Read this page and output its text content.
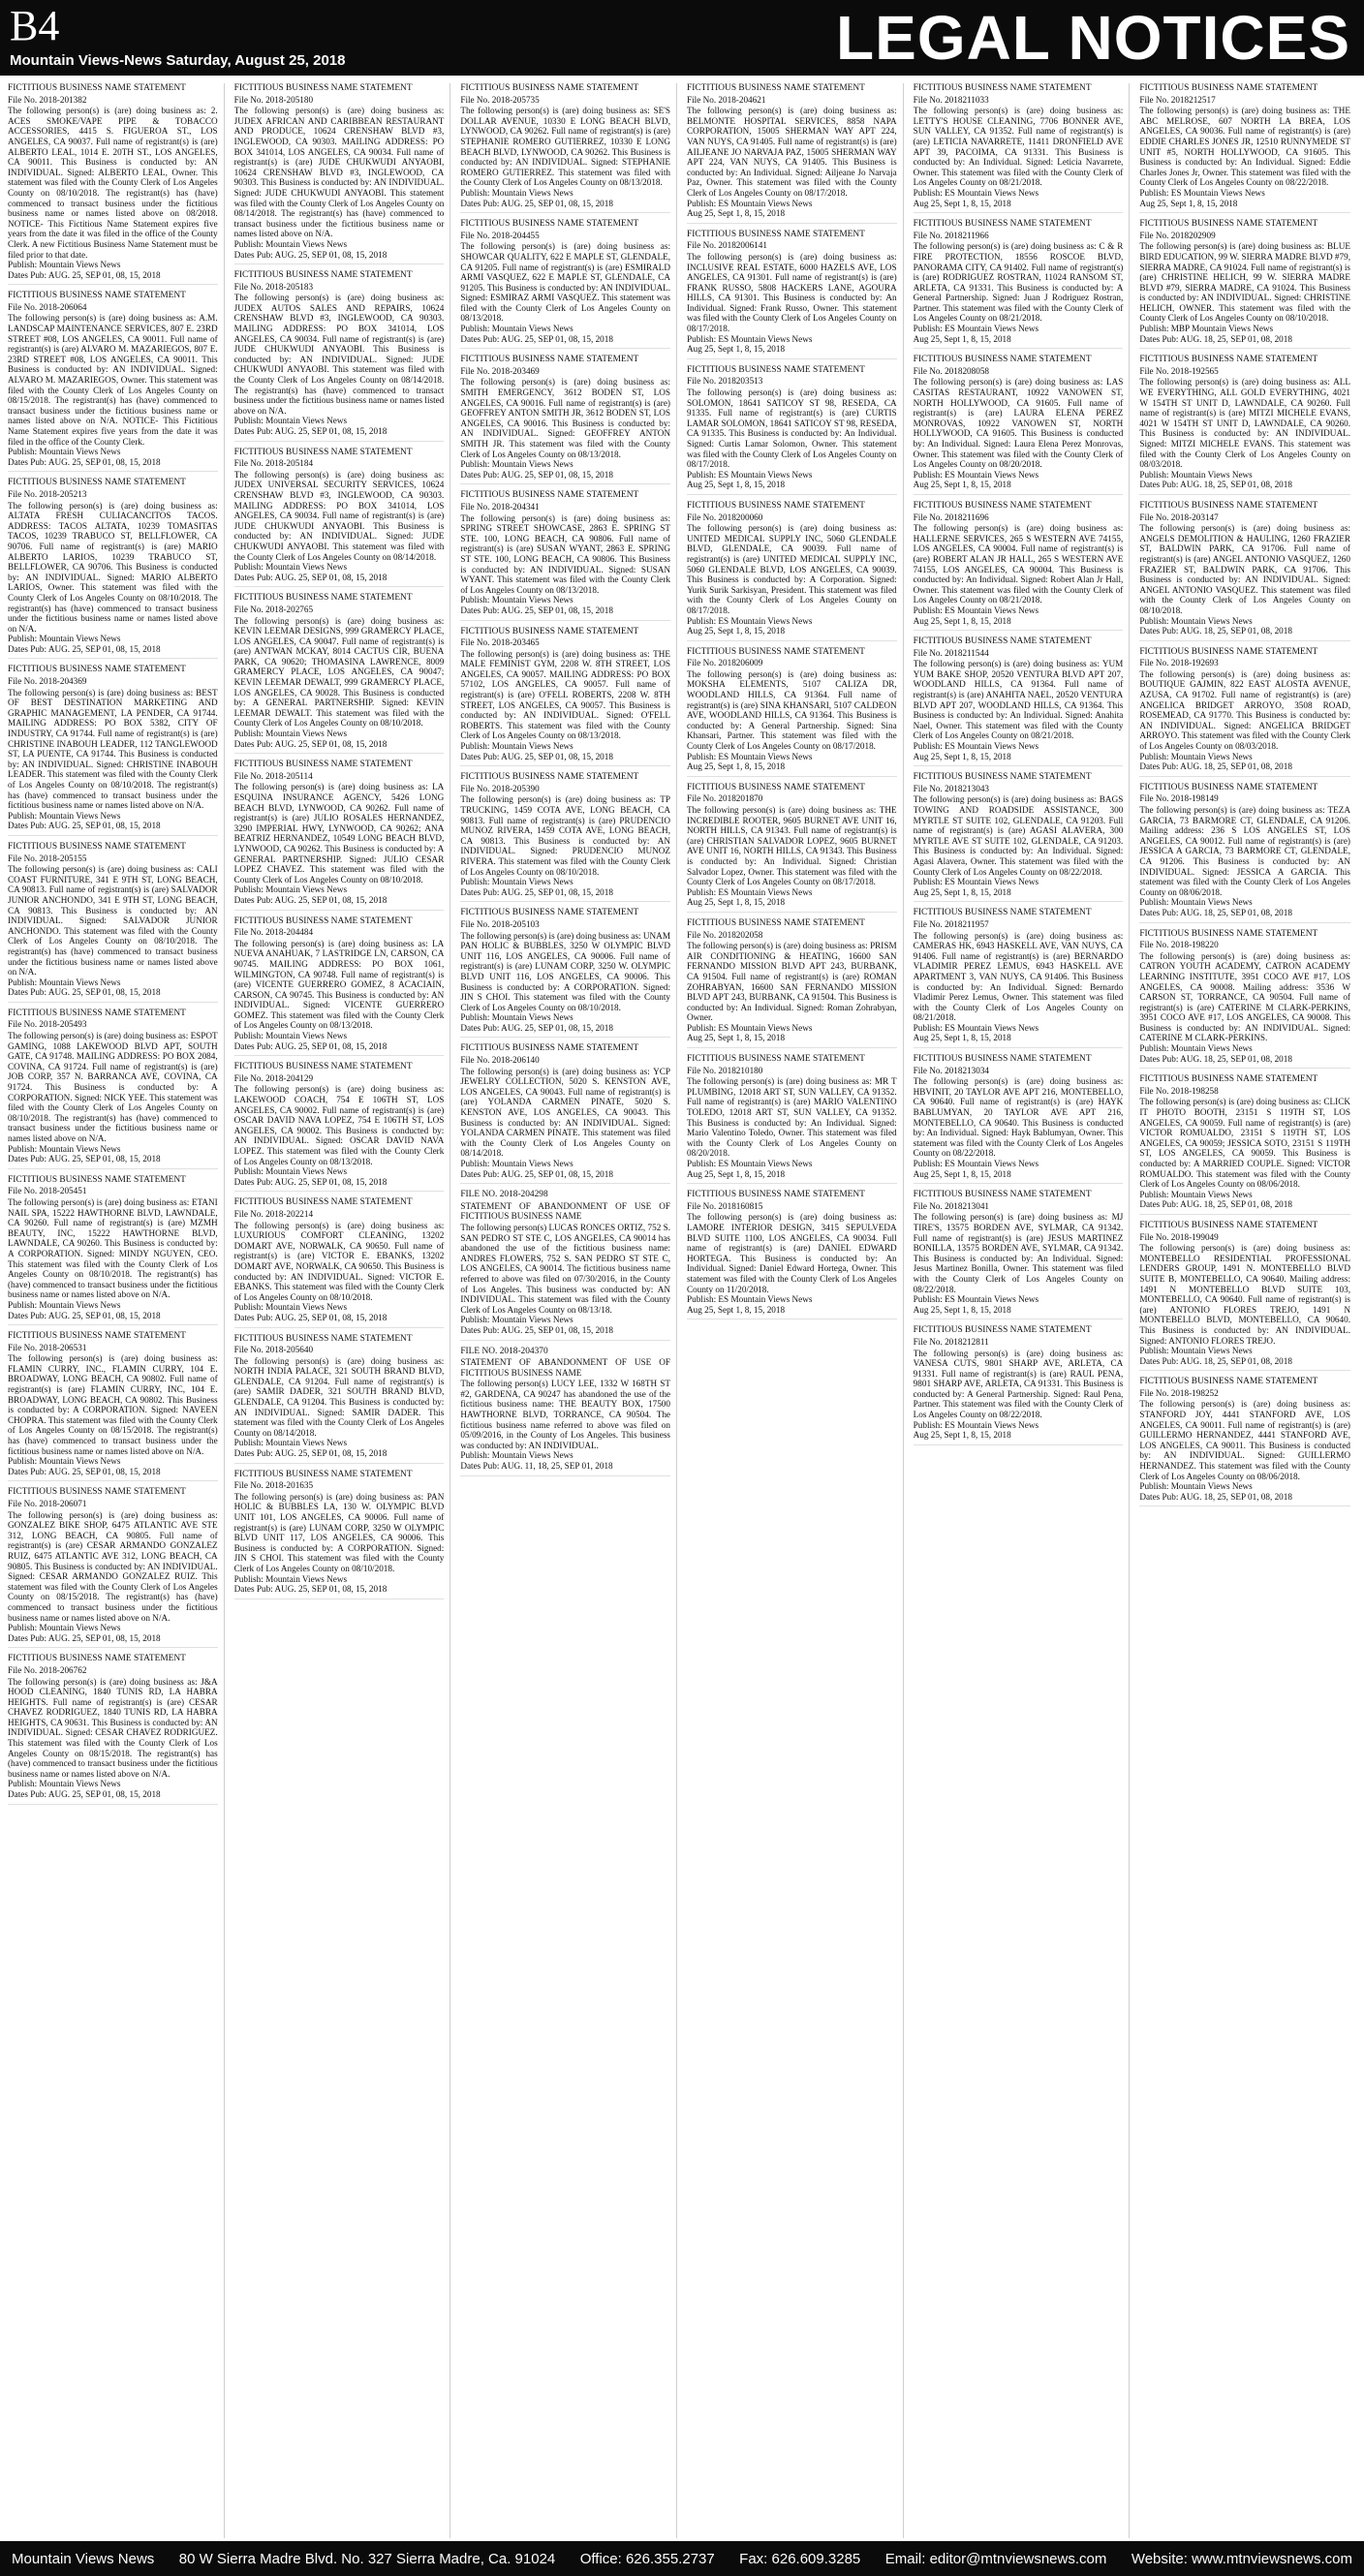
B4
Mountain Views-News Saturday, August 25, 2018	LEGAL NOTICES
FICTITIOUS BUSINESS NAME STATEMENT
File No. 2018-201382
The following person(s) is (are) doing business as: 2. ACES SMOKE/VAPE PIPE & TOBACCO ACCESSORIES, 4415 S. FIGUEROA ST., LOS ANGELES, CA 90037. Full name of registrant(s) is (are) ALBERTO LEAL, 1014 E. 20TH ST., LOS ANGELES, CA 90011. This Business is conducted by: AN INDIVIDUAL. Signed: ALBERTO LEAL, Owner. This statement was filed with the County Clerk of Los Angeles County on 08/10/2018. The registrant(s) has (have) commenced to transact business under the fictitious business name or names listed above on 08/2018. NOTICE- This Fictitious Name Statement expires five years from the date it was filed in the office of the County Clerk. A new Fictitious Business Name Statement must be filed prior to that date.
Publish: Mountain Views News
Dates Pub: AUG. 25, SEP 01, 08, 15, 2018
FICTITIOUS BUSINESS NAME STATEMENT
File No. 2018-206064
The following person(s) is (are) doing business as: A.M. LANDSCAP MAINTENANCE SERVICES, 807 E. 23RD STREET #08, LOS ANGELES, CA 90011. Full name of registrant(s) is (are) ALVARO M. MAZARIEGOS, 807 E. 23RD STREET #08, LOS ANGELES, CA 90011. This Business is conducted by: AN INDIVIDUAL. Signed: ALVARO M. MAZARIEGOS, Owner. This statement was filed with the County Clerk of Los Angeles County on 08/15/2018. The registrant(s) has (have) commenced to transact business under the fictitious business name or names listed above on N/A. NOTICE- This Fictitious Name Statement expires five years from the date it was filed in the office of the County Clerk.
Publish: Mountain Views News
Dates Pub: AUG. 25, SEP 01, 08, 15, 2018
FICTITIOUS BUSINESS NAME STATEMENT
File No. 2018-205213
The following person(s) is (are) doing business as: ALTATA FRESH CULIACANCITOS TACOS. ADDRESS: TACOS ALTATA, 10239 TOMASITAS TACOS, 10239 TRABUCO ST, BELLFLOWER, CA 90706. Full name of registrant(s) is (are) MARIO ALBERTO LARIOS, 10239 TRABUCO ST, BELLFLOWER, CA 90706. This Business is conducted by: AN INDIVIDUAL. Signed: MARIO ALBERTO LARIOS, Owner. This statement was filed with the County Clerk of Los Angeles County on 08/10/2018. The registrant(s) has (have) commenced to transact business under the fictitious business name or names listed above on N/A.
Publish: Mountain Views News
Dates Pub: AUG. 25, SEP 01, 08, 15, 2018
FICTITIOUS BUSINESS NAME STATEMENT
File No. 2018-204369
The following person(s) is (are) doing business as: BEST OF BEST DESTINATION MARKETING AND GRAPHIC MANAGEMENT, LA PENDER, CA 91744. MAILING ADDRESS: PO BOX 5382, CITY OF INDUSTRY, CA 91744. Full name of registrant(s) is (are) CHRISTINE INABOUH LEADER, 112 TANGLEWOOD ST, LA PUENTE, CA 91744. This Business is conducted by: AN INDIVIDUAL. Signed: CHRISTINE INABOUH LEADER. This statement was filed with the County Clerk of Los Angeles County on 08/10/2018. The registrant(s) has (have) commenced to transact business under the fictitious business name or names listed above on N/A.
Publish: Mountain Views News
Dates Pub: AUG. 25, SEP 01, 08, 15, 2018
FICTITIOUS BUSINESS NAME STATEMENT
File No. 2018-205155
The following person(s) is (are) doing business as: CALI COAST FURNITURE, 341 E 9TH ST, LONG BEACH, CA 90813. Full name of registrant(s) is (are) SALVADOR JUNIOR ANCHONDO, 341 E 9TH ST, LONG BEACH, CA 90813. This Business is conducted by: AN INDIVIDUAL. Signed: SALVADOR JUNIOR ANCHONDO. This statement was filed with the County Clerk of Los Angeles County on 08/10/2018. The registrant(s) has (have) commenced to transact business under the fictitious business name or names listed above on N/A.
Publish: Mountain Views News
Dates Pub: AUG. 25, SEP 01, 08, 15, 2018
FICTITIOUS BUSINESS NAME STATEMENT
File No. 2018-205493
The following person(s) is (are) doing business as: ESPOT GAMING, 1088 LAKEWOOD BLVD APT, SOUTH GATE, CA 91748. MAILING ADDRESS: PO BOX 2084, COVINA, CA 91724. Full name of registrant(s) is (are) JOB CORP, 357 N. BARRANCA AVE, COVINA, CA 91724. This Business is conducted by: A CORPORATION. Signed: NICK YEE. This statement was filed with the County Clerk of Los Angeles County on 08/10/2018. The registrant(s) has (have) commenced to transact business under the fictitious business name or names listed above on N/A.
Publish: Mountain Views News
Dates Pub: AUG. 25, SEP 01, 08, 15, 2018
FICTITIOUS BUSINESS NAME STATEMENT
File No. 2018-205451
The following person(s) is (are) doing business as: ETANI NAIL SPA, 15222 HAWTHORNE BLVD, LAWNDALE, CA 90260. Full name of registrant(s) is (are) MZMH BEAUTY, INC, 15222 HAWTHORNE BLVD, LAWNDALE, CA 90260. This Business is conducted by: A CORPORATION. Signed: MINDY NGUYEN, CEO. This statement was filed with the County Clerk of Los Angeles County on 08/10/2018. The registrant(s) has (have) commenced to transact business under the fictitious business name or names listed above on N/A.
Publish: Mountain Views News
Dates Pub: AUG. 25, SEP 01, 08, 15, 2018
FICTITIOUS BUSINESS NAME STATEMENT
File No. 2018-206531
The following person(s) is (are) doing business as: FLAMIN CURRY, INC., FLAMIN CURRY, 104 E. BROADWAY, LONG BEACH, CA 90802. Full name of registrant(s) is (are) FLAMIN CURRY, INC, 104 E. BROADWAY, LONG BEACH, CA 90802. This Business is conducted by: A CORPORATION. Signed: NAVEEN CHOPRA. This statement was filed with the County Clerk of Los Angeles County on 08/15/2018. The registrant(s) has (have) commenced to transact business under the fictitious business name or names listed above on N/A.
Publish: Mountain Views News
Dates Pub: AUG. 25, SEP 01, 08, 15, 2018
FICTITIOUS BUSINESS NAME STATEMENT
File No. 2018-206071
The following person(s) is (are) doing business as: GONZALEZ BIKE SHOP, 6475 ATLANTIC AVE STE 312, LONG BEACH, CA 90805. Full name of registrant(s) is (are) CESAR ARMANDO GONZALEZ RUIZ, 6475 ATLANTIC AVE 312, LONG BEACH, CA 90805. This Business is conducted by: AN INDIVIDUAL. Signed: CESAR ARMANDO GONZALEZ RUIZ. This statement was filed with the County Clerk of Los Angeles County on 08/15/2018. The registrant(s) has (have) commenced to transact business under the fictitious business name or names listed above on N/A.
Publish: Mountain Views News
Dates Pub: AUG. 25, SEP 01, 08, 15, 2018
FICTITIOUS BUSINESS NAME STATEMENT
File No. 2018-206762
The following person(s) is (are) doing business as: J&A HOOD CLEANING, 1840 TUNIS RD, LA HABRA HEIGHTS. Full name of registrant(s) is (are) CESAR CHAVEZ RODRIGUEZ, 1840 TUNIS RD, LA HABRA HEIGHTS, CA 90631. This Business is conducted by: AN INDIVIDUAL. Signed: CESAR CHAVEZ RODRIGUEZ. This statement was filed with the County Clerk of Los Angeles County on 08/15/2018. The registrant(s) has (have) commenced to transact business under the fictitious business name or names listed above on N/A.
Publish: Mountain Views News
Dates Pub: AUG. 25, SEP 01, 08, 15, 2018
FICTITIOUS BUSINESS NAME STATEMENT
File No. 2018-205180
The following person(s) is (are) doing business as: JUDEX AFRICAN AND CARIBBEAN RESTAURANT AND PRODUCE, 10624 CRENSHAW BLVD #3, INGLEWOOD, CA 90303. MAILING ADDRESS: PO BOX 341014, LOS ANGELES, CA 90034. Full name of registrant(s) is (are) JUDE CHUKWUDI ANYAOBI, 10624 CRENSHAW BLVD #3, INGLEWOOD, CA 90303. This Business is conducted by: AN INDIVIDUAL. Signed: JUDE CHUKWUDI ANYAOBI. This statement was filed with the County Clerk of Los Angeles County on 08/14/2018. The registrant(s) has (have) commenced to transact business under the fictitious business name or names listed above on N/A.
Publish: Mountain Views News
Dates Pub: AUG. 25, SEP 01, 08, 15, 2018
FICTITIOUS BUSINESS NAME STATEMENT
File No. 2018-205183
The following person(s) is (are) doing business as: JUDEX AUTOS SALES AND REPAIRS, 10624 CRENSHAW BLVD #3, INGLEWOOD, CA 90303. MAILING ADDRESS: PO BOX 341014, LOS ANGELES, CA 90034. Full name of registrant(s) is (are) JUDE CHUKWUDI ANYAOBI. This Business is conducted by: AN INDIVIDUAL. Signed: JUDE CHUKWUDI ANYAOBI. This statement was filed with the County Clerk of Los Angeles County on 08/14/2018. The registrant(s) has (have) commenced to transact business under the fictitious business name or names listed above on N/A.
Publish: Mountain Views News
Dates Pub: AUG. 25, SEP 01, 08, 15, 2018
FICTITIOUS BUSINESS NAME STATEMENT
File No. 2018-205184
The following person(s) is (are) doing business as: JUDEX UNIVERSAL SECURITY SERVICES, 10624 CRENSHAW BLVD #3, INGLEWOOD, CA 90303. MAILING ADDRESS: PO BOX 341014, LOS ANGELES, CA 90034. Full name of registrant(s) is (are) JUDE CHUKWUDI ANYAOBI. This Business is conducted by: AN INDIVIDUAL. Signed: JUDE CHUKWUDI ANYAOBI. This statement was filed with the County Clerk of Los Angeles County on 08/14/2018.
Publish: Mountain Views News
Dates Pub: AUG. 25, SEP 01, 08, 15, 2018
FICTITIOUS BUSINESS NAME STATEMENT
File No. 2018-202765
The following person(s) is (are) doing business as: KEVIN LEEMAR DESIGNS, 999 GRAMERCY PLACE, LOS ANGELES, CA 90047. Full name of registrant(s) is (are) ANTWAN MCKAY, 8014 CACTUS CIR, BUENA PARK, CA 90620; THOMASINA LAWRENCE, 8009 GRAMERCY PLACE, LOS ANGELES, CA 90047; KEVIN LEEMAR DEWALT, 999 GRAMERCY PLACE, LOS ANGELES, CA 90028. This Business is conducted by: A GENERAL PARTNERSHIP. Signed: KEVIN LEEMAR DEWALT. This statement was filed with the County Clerk of Los Angeles County on 08/10/2018.
Publish: Mountain Views News
Dates Pub: AUG. 25, SEP 01, 08, 15, 2018
FICTITIOUS BUSINESS NAME STATEMENT
File No. 2018-205114
The following person(s) is (are) doing business as: LA ESQUINA INSURANCE AGENCY, 5426 LONG BEACH BLVD, LYNWOOD, CA 90262. Full name of registrant(s) is (are) JULIO ROSALES HERNANDEZ, 3290 IMPERIAL HWY, LYNWOOD, CA 90262; ANA BEATRIZ HERNANDEZ, 10549 LONG BEACH BLVD, LYNWOOD, CA 90262. This Business is conducted by: A GENERAL PARTNERSHIP. Signed: JULIO CESAR LOPEZ CHAVEZ. This statement was filed with the County Clerk of Los Angeles County on 08/10/2018.
Publish: Mountain Views News
Dates Pub: AUG. 25, SEP 01, 08, 15, 2018
FICTITIOUS BUSINESS NAME STATEMENT
File No. 2018-204484
The following person(s) is (are) doing business as: LA NUEVA ANAHUAK, 7 LASTRIDGE LN, CARSON, CA 90745. MAILING ADDRESS: PO BOX 1061, WILMINGTON, CA 90748. Full name of registrant(s) is (are) VICENTE GUERRERO GOMEZ, 8 ACACIAIN, CARSON, CA 90745. This Business is conducted by: AN INDIVIDUAL. Signed: VICENTE GUERRERO GOMEZ. This statement was filed with the County Clerk of Los Angeles County on 08/13/2018.
Publish: Mountain Views News
Dates Pub: AUG. 25, SEP 01, 08, 15, 2018
FICTITIOUS BUSINESS NAME STATEMENT
File No. 2018-204129
The following person(s) is (are) doing business as: LAKEWOOD COACH, 754 E 106TH ST, LOS ANGELES, CA 90002. Full name of registrant(s) is (are) OSCAR DAVID NAVA LOPEZ, 754 E 106TH ST, LOS ANGELES, CA 90002. This Business is conducted by: AN INDIVIDUAL. Signed: OSCAR DAVID NAVA LOPEZ. This statement was filed with the County Clerk of Los Angeles County on 08/13/2018.
Publish: Mountain Views News
Dates Pub: AUG. 25, SEP 01, 08, 15, 2018
FICTITIOUS BUSINESS NAME STATEMENT
File No. 2018-202214
The following person(s) is (are) doing business as: LUXURIOUS COMFORT CLEANING, 13202 DOMART AVE, NORWALK, CA 90650. Full name of registrant(s) is (are) VICTOR E. EBANKS, 13202 DOMART AVE, NORWALK, CA 90650. This Business is conducted by: AN INDIVIDUAL. Signed: VICTOR E. EBANKS. This statement was filed with the County Clerk of Los Angeles County on 08/10/2018.
Publish: Mountain Views News
Dates Pub: AUG. 25, SEP 01, 08, 15, 2018
FICTITIOUS BUSINESS NAME STATEMENT
File No. 2018-205640
The following person(s) is (are) doing business as: NORTH INDIA PALACE, 321 SOUTH BRAND BLVD, GLENDALE, CA 91204. Full name of registrant(s) is (are) SAMIR DADER, 321 SOUTH BRAND BLVD, GLENDALE, CA 91204. This Business is conducted by: AN INDIVIDUAL. Signed: SAMIR DADER. This statement was filed with the County Clerk of Los Angeles County on 08/14/2018.
Publish: Mountain Views News
Dates Pub: AUG. 25, SEP 01, 08, 15, 2018
FICTITIOUS BUSINESS NAME STATEMENT
File No. 2018-201635
The following person(s) is (are) doing business as: PAN HOLIC & BUBBLES LA, 130 W. OLYMPIC BLVD UNIT 101, LOS ANGELES, CA 90006. Full name of registrant(s) is (are) LUNAM CORP, 3250 W OLYMPIC BLVD UNIT 117, LOS ANGELES, CA 90006. This Business is conducted by: A CORPORATION. Signed: JIN S CHOI. This statement was filed with the County Clerk of Los Angeles County on 08/10/2018.
Publish: Mountain Views News
Dates Pub: AUG. 25, SEP 01, 08, 15, 2018
FICTITIOUS BUSINESS NAME STATEMENT
File No. 2018-205735
The following person(s) is (are) doing business as: SE'S DOLLAR AVENUE, 10330 E LONG BEACH BLVD, LYNWOOD, CA 90262. Full name of registrant(s) is (are) STEPHANIE ROMERO GUTIERREZ, 10330 E LONG BEACH BLVD, LYNWOOD, CA 90262. This Business is conducted by: AN INDIVIDUAL. Signed: STEPHANIE ROMERO GUTIERREZ. This statement was filed with the County Clerk of Los Angeles County on 08/13/2018.
Publish: Mountain Views News
Dates Pub: AUG. 25, SEP 01, 08, 15, 2018
FICTITIOUS BUSINESS NAME STATEMENT
File No. 2018-204455
The following person(s) is (are) doing business as: SHOWCAR QUALITY, 622 E MAPLE ST, GLENDALE, CA 91205. Full name of registrant(s) is (are) ESMIRALD ARMI VASQUEZ, 622 E MAPLE ST, GLENDALE, CA 91205. This Business is conducted by: AN INDIVIDUAL. Signed: ESMIRAZ ARMI VASQUEZ. This statement was filed with the County Clerk of Los Angeles County on 08/13/2018.
Publish: Mountain Views News
Dates Pub: AUG. 25, SEP 01, 08, 15, 2018
FICTITIOUS BUSINESS NAME STATEMENT
File No. 2018-203469
The following person(s) is (are) doing business as: SMITH EMERGENCY, 3612 BODEN ST, LOS ANGELES, CA 90016. Full name of registrant(s) is (are) GEOFFREY ANTON SMITH JR, 3612 BODEN ST, LOS ANGELES, CA 90016. This Business is conducted by: AN INDIVIDUAL. Signed: GEOFFREY ANTON SMITH JR. This statement was filed with the County Clerk of Los Angeles County on 08/13/2018.
Publish: Mountain Views News
Dates Pub: AUG. 25, SEP 01, 08, 15, 2018
FICTITIOUS BUSINESS NAME STATEMENT
File No. 2018-204341
The following person(s) is (are) doing business as: SPRING STREET SHOWCASE, 2863 E. SPRING ST STE. 100, LONG BEACH, CA 90806. Full name of registrant(s) is (are) SUSAN WYANT, 2863 E. SPRING ST STE. 100, LONG BEACH, CA 90806. This Business is conducted by: AN INDIVIDUAL. Signed: SUSAN WYANT. This statement was filed with the County Clerk of Los Angeles County on 08/13/2018.
Publish: Mountain Views News
Dates Pub: AUG. 25, SEP 01, 08, 15, 2018
FICTITIOUS BUSINESS NAME STATEMENT
File No. 2018-203465
The following person(s) is (are) doing business as: THE MALE FEMINIST GYM, 2208 W. 8TH STREET, LOS ANGELES, CA 90057. MAILING ADDRESS: PO BOX 57102, LOS ANGELES, CA 90057. Full name of registrant(s) is (are) O'FELL ROBERTS, 2208 W. 8TH STREET, LOS ANGELES, CA 90057. This Business is conducted by: AN INDIVIDUAL. Signed: O'FELL ROBERTS. This statement was filed with the County Clerk of Los Angeles County on 08/13/2018.
Publish: Mountain Views News
Dates Pub: AUG. 25, SEP 01, 08, 15, 2018
FICTITIOUS BUSINESS NAME STATEMENT
File No. 2018-205390
The following person(s) is (are) doing business as: TP TRUCKING, 1459 COTA AVE, LONG BEACH, CA 90813. Full name of registrant(s) is (are) PRUDENCIO MUNOZ RIVERA, 1459 COTA AVE, LONG BEACH, CA 90813. This Business is conducted by: AN INDIVIDUAL. Signed: PRUDENCIO MUNOZ RIVERA. This statement was filed with the County Clerk of Los Angeles County on 08/10/2018.
Publish: Mountain Views News
Dates Pub: AUG. 25, SEP 01, 08, 15, 2018
FICTITIOUS BUSINESS NAME STATEMENT
File No. 2018-205103
The following person(s) is (are) doing business as: UNAM PAN HOLIC & BUBBLES, 3250 W OLYMPIC BLVD UNIT 116, LOS ANGELES, CA 90006. Full name of registrant(s) is (are) LUNAM CORP, 3250 W. OLYMPIC BLVD UNIT 116, LOS ANGELES, CA 90006. This Business is conducted by: A CORPORATION. Signed: JIN S CHOI. This statement was filed with the County Clerk of Los Angeles County on 08/10/2018.
Publish: Mountain Views News
Dates Pub: AUG. 25, SEP 01, 08, 15, 2018
FICTITIOUS BUSINESS NAME STATEMENT
File No. 2018-206140
The following person(s) is (are) doing business as: YCP JEWELRY COLLECTION, 5020 S. KENSTON AVE, LOS ANGELES, CA 90043. Full name of registrant(s) is (are) YOLANDA CARMEN PINATE, 5020 S. KENSTON AVE, LOS ANGELES, CA 90043. This Business is conducted by: AN INDIVIDUAL. Signed: YOLANDA CARMEN PINATE. This statement was filed with the County Clerk of Los Angeles County on 08/14/2018.
Publish: Mountain Views News
Dates Pub: AUG. 25, SEP 01, 08, 15, 2018
FILE NO. 2018-204298
STATEMENT OF ABANDONMENT OF USE OF FICTITIOUS BUSINESS NAME
The following person(s) LUCAS RONCES ORTIZ, 752 S. SAN PEDRO ST STE C, LOS ANGELES, CA 90014 has abandoned the use of the fictitious business name: ANDRES FLOWERS, 752 S. SAN PEDRO ST STE C, LOS ANGELES, CA 90014. The fictitious business name referred to above was filed on 07/30/2016, in the County of Los Angeles. This business was conducted by: AN INDIVIDUAL. This statement was filed with the County Clerk of Los Angeles County on 08/13/18.
Publish: Mountain Views News
Dates Pub: AUG. 25, SEP 01, 08, 15, 2018
FILE NO. 2018-204370
STATEMENT OF ABANDONMENT OF USE OF FICTITIOUS BUSINESS NAME
The following person(s) LUCY LEE, 1332 W 168TH ST #2, GARDENA, CA 90247 has abandoned the use of the fictitious business name: THE BEAUTY BOX, 17500 HAWTHORNE BLVD, TORRANCE, CA 90504. The fictitious business name referred to above was filed on 05/09/2016, in the County of Los Angeles. This business was conducted by: AN INDIVIDUAL.
Publish: Mountain Views News
Dates Pub: AUG. 11, 18, 25, SEP 01, 2018
FICTITIOUS BUSINESS NAME STATEMENT
File No. 2018-204621
The following person(s) is (are) doing business as: BELMONTE HOSPITAL SERVICES, 8858 NAPA CORPORATION, 15005 SHERMAN WAY APT 224, VAN NUYS, CA 91405. Full name of registrant(s) is (are) AILJEANE JO NARVAJA PAZ, 15005 SHERMAN WAY APT 224, VAN NUYS, CA 91405. This Business is conducted by: An Individual. Signed: Ailjeane Jo Narvaja Paz, Owner. This statement was filed with the County Clerk of Los Angeles County on 08/17/2018.
Publish: ES Mountain Views News
Aug 25, Sept 1, 8, 15, 2018
FICTITIOUS BUSINESS NAME STATEMENT
File No. 20182006141
The following person(s) is (are) doing business as: INCLUSIVE REAL ESTATE, 6000 HAZELS AVE, LOS ANGELES, CA 91301. Full name of registrant(s) is (are) FRANK RUSSO, 5808 HACKERS LANE, AGOURA HILLS, CA 91301. This Business is conducted by: An Individual. Signed: Frank Russo, Owner. This statement was filed with the County Clerk of Los Angeles County on 08/17/2018.
Publish: ES Mountain Views News
Aug 25, Sept 1, 8, 15, 2018
FICTITIOUS BUSINESS NAME STATEMENT
File No. 2018203513
The following person(s) is (are) doing business as: SOLOMON, 18641 SATICOY ST 98, RESEDA, CA 91335. Full name of registrant(s) is (are) CURTIS LAMAR SOLOMON, 18641 SATICOY ST 98, RESEDA, CA 91335. This Business is conducted by: An Individual. Signed: Curtis Lamar Solomon, Owner. This statement was filed with the County Clerk of Los Angeles County on 08/17/2018.
Publish: ES Mountain Views News
Aug 25, Sept 1, 8, 15, 2018
FICTITIOUS BUSINESS NAME STATEMENT
File No. 2018200060
The following person(s) is (are) doing business as: UNITED MEDICAL SUPPLY INC, 5060 GLENDALE BLVD, GLENDALE, CA 90039. Full name of registrant(s) is (are) UNITED MEDICAL SUPPLY INC, 5060 GLENDALE BLVD, LOS ANGELES, CA 90039. This Business is conducted by: A Corporation. Signed: Yurik Surik Sarkisyan, President. This statement was filed with the County Clerk of Los Angeles County on 08/17/2018.
Publish: ES Mountain Views News
Aug 25, Sept 1, 8, 15, 2018
FICTITIOUS BUSINESS NAME STATEMENT
File No. 2018206009
The following person(s) is (are) doing business as: MOKSHA ELEMENTS, 5107 CALIZA DR, WOODLAND HILLS, CA 91364. Full name of registrant(s) is (are) SINA KHANSARI, 5107 CALDEON AVE, WOODLAND HILLS, CA 91364. This Business is conducted by: A General Partnership. Signed: Sina Khansari, Partner. This statement was filed with the County Clerk of Los Angeles County on 08/17/2018.
Publish: ES Mountain Views News
Aug 25, Sept 1, 8, 15, 2018
FICTITIOUS BUSINESS NAME STATEMENT
File No. 2018201870
The following person(s) is (are) doing business as: THE INCREDIBLE ROOTER, 9605 BURNET AVE UNIT 16, NORTH HILLS, CA 91343. Full name of registrant(s) is (are) CHRISTIAN SALVADOR LOPEZ, 9605 BURNET AVE UNIT 16, NORTH HILLS, CA 91343. This Business is conducted by: An Individual. Signed: Christian Salvador Lopez, Owner. This statement was filed with the County Clerk of Los Angeles County on 08/17/2018.
Publish: ES Mountain Views News
Aug 25, Sept 1, 8, 15, 2018
FICTITIOUS BUSINESS NAME STATEMENT
File No. 2018202058
The following person(s) is (are) doing business as: PRISM AIR CONDITIONING & HEATING, 16600 SAN FERNANDO MISSION BLVD APT 243, BURBANK, CA 91504. Full name of registrant(s) is (are) ROMAN ZOHRABYAN, 16600 SAN FERNANDO MISSION BLVD APT 243, BURBANK, CA 91504. This Business is conducted by: An Individual. Signed: Roman Zohrabyan, Owner.
Publish: ES Mountain Views News
Aug 25, Sept 1, 8, 15, 2018
FICTITIOUS BUSINESS NAME STATEMENT
File No. 2018210180
The following person(s) is (are) doing business as: MR T PLUMBING, 12018 ART ST, SUN VALLEY, CA 91352. Full name of registrant(s) is (are) MARIO VALENTINO TOLEDO, 12018 ART ST, SUN VALLEY, CA 91352. This Business is conducted by: An Individual. Signed: Mario Valentino Toledo, Owner. This statement was filed with the County Clerk of Los Angeles County on 08/20/2018.
Publish: ES Mountain Views News
Aug 25, Sept 1, 8, 15, 2018
FICTITIOUS BUSINESS NAME STATEMENT
File No. 2018160815
The following person(s) is (are) doing business as: LAMORE INTERIOR DESIGN, 3415 SEPULVEDA BLVD SUITE 1100, LOS ANGELES, CA 90034. Full name of registrant(s) is (are) DANIEL EDWARD HORTEGA. This Business is conducted by: An Individual. Signed: Daniel Edward Hortega, Owner. This statement was filed with the County Clerk of Los Angeles County on 11/20/2018.
Publish: ES Mountain Views News
Aug 25, Sept 1, 8, 15, 2018
FICTITIOUS BUSINESS NAME STATEMENT
File No. 2018211033
The following person(s) is (are) doing business as: LETTY'S HOUSE CLEANING, 7706 BONNER AVE, SUN VALLEY, CA 91352. Full name of registrant(s) is (are) LETICIA NAVARRETE, 11411 DRONFIELD AVE APT 39, PACOIMA, CA 91331. This Business is conducted by: An Individual. Signed: Leticia Navarrete, Owner. This statement was filed with the County Clerk of Los Angeles County on 08/21/2018.
Publish: ES Mountain Views News
Aug 25, Sept 1, 8, 15, 2018
FICTITIOUS BUSINESS NAME STATEMENT
File No. 2018211966
The following person(s) is (are) doing business as: C & R FIRE PROTECTION, 18556 ROSCOE BLVD, PANORAMA CITY, CA 91402. Full name of registrant(s) is (are) RODRIGUEZ ROSTRAN, 11024 RANSOM ST, ARLETA, CA 91331. This Business is conducted by: A General Partnership. Signed: Juan J Rodriguez Rostran, Partner. This statement was filed with the County Clerk of Los Angeles County on 08/21/2018.
Publish: ES Mountain Views News
Aug 25, Sept 1, 8, 15, 2018
FICTITIOUS BUSINESS NAME STATEMENT
File No. 2018208058
The following person(s) is (are) doing business as: LAS CASITAS RESTAURANT, 10922 VANOWEN ST, NORTH HOLLYWOOD, CA 91605. Full name of registrant(s) is (are) LAURA ELENA PEREZ MONROVAS, 10922 VANOWEN ST, NORTH HOLLYWOOD, CA 91605. This Business is conducted by: An Individual. Signed: Laura Elena Perez Monrovas, Owner. This statement was filed with the County Clerk of Los Angeles County on 08/20/2018.
Publish: ES Mountain Views News
Aug 25, Sept 1, 8, 15, 2018
FICTITIOUS BUSINESS NAME STATEMENT
File No. 2018211696
The following person(s) is (are) doing business as: HALLERNE SERVICES, 265 S WESTERN AVE 74155, LOS ANGELES, CA 90004. Full name of registrant(s) is (are) ROBERT ALAN JR HALL, 265 S WESTERN AVE 74155, LOS ANGELES, CA 90004. This Business is conducted by: An Individual. Signed: Robert Alan Jr Hall, Owner. This statement was filed with the County Clerk of Los Angeles County on 08/21/2018.
Publish: ES Mountain Views News
Aug 25, Sept 1, 8, 15, 2018
FICTITIOUS BUSINESS NAME STATEMENT
File No. 2018211544
The following person(s) is (are) doing business as: YUM YUM BAKE SHOP, 20520 VENTURA BLVD APT 207, WOODLAND HILLS, CA 91364. Full name of registrant(s) is (are) ANAHITA NAEL, 20520 VENTURA BLVD APT 207, WOODLAND HILLS, CA 91364. This Business is conducted by: An Individual. Signed: Anahita Nael, Owner. This statement was filed with the County Clerk of Los Angeles County on 08/21/2018.
Publish: ES Mountain Views News
Aug 25, Sept 1, 8, 15, 2018
FICTITIOUS BUSINESS NAME STATEMENT
File No. 2018213043
The following person(s) is (are) doing business as: BAGS TOWING AND ROADSIDE ASSISTANCE, 300 MYRTLE ST SUITE 102, GLENDALE, CA 91203. Full name of registrant(s) is (are) AGASI ALAVERA, 300 MYRTLE AVE ST SUITE 102, GLENDALE, CA 91203. This Business is conducted by: An Individual. Signed: Agasi Alavera, Owner. This statement was filed with the County Clerk of Los Angeles County on 08/22/2018.
Publish: ES Mountain Views News
Aug 25, Sept 1, 8, 15, 2018
FICTITIOUS BUSINESS NAME STATEMENT
File No. 2018211957
The following person(s) is (are) doing business as: CAMERAS HK, 6943 HASKELL AVE, VAN NUYS, CA 91406. Full name of registrant(s) is (are) BERNARDO VLADIMIR PEREZ LEMUS, 6943 HASKELL AVE APARTMENT 3, VAN NUYS, CA 91406. This Business is conducted by: An Individual. Signed: Bernardo Vladimir Perez Lemus, Owner. This statement was filed with the County Clerk of Los Angeles County on 08/21/2018.
Publish: ES Mountain Views News
Aug 25, Sept 1, 8, 15, 2018
FICTITIOUS BUSINESS NAME STATEMENT
File No. 2018213034
The following person(s) is (are) doing business as: HBVINIT, 20 TAYLOR AVE APT 216, MONTEBELLO, CA 90640. Full name of registrant(s) is (are) HAYK BABLUMYAN, 20 TAYLOR AVE APT 216, MONTEBELLO, CA 90640. This Business is conducted by: An Individual. Signed: Hayk Bablumyan, Owner. This statement was filed with the County Clerk of Los Angeles County on 08/22/2018.
Publish: ES Mountain Views News
Aug 25, Sept 1, 8, 15, 2018
FICTITIOUS BUSINESS NAME STATEMENT
File No. 2018213041
The following person(s) is (are) doing business as: MJ TIRE'S, 13575 BORDEN AVE, SYLMAR, CA 91342. Full name of registrant(s) is (are) JESUS MARTINEZ BONILLA, 13575 BORDEN AVE, SYLMAR, CA 91342. This Business is conducted by: An Individual. Signed: Jesus Martinez Bonilla, Owner. This statement was filed with the County Clerk of Los Angeles County on 08/22/2018.
Publish: ES Mountain Views News
Aug 25, Sept 1, 8, 15, 2018
FICTITIOUS BUSINESS NAME STATEMENT
File No. 2018212811
The following person(s) is (are) doing business as: VANESA CUTS, 9801 SHARP AVE, ARLETA, CA 91331. Full name of registrant(s) is (are) RAUL PENA, 9801 SHARP AVE, ARLETA, CA 91331. This Business is conducted by: A General Partnership. Signed: Raul Pena, Partner. This statement was filed with the County Clerk of Los Angeles County on 08/22/2018.
Publish: ES Mountain Views News
Aug 25, Sept 1, 8, 15, 2018
FICTITIOUS BUSINESS NAME STATEMENT
File No. 2018212517
The following person(s) is (are) doing business as: THE ABC MELROSE, 607 NORTH LA BREA, LOS ANGELES, CA 90036. Full name of registrant(s) is (are) EDDIE CHARLES JONES JR, 12510 RUNNYMEDE ST UNIT #5, NORTH HOLLYWOOD, CA 91605. This Business is conducted by: An Individual. Signed: Eddie Charles Jones Jr, Owner. This statement was filed with the County Clerk of Los Angeles County on 08/22/2018.
Publish: ES Mountain Views News
Aug 25, Sept 1, 8, 15, 2018
FICTITIOUS BUSINESS NAME STATEMENT
File No. 2018202909
The following person(s) is (are) doing business as: BLUE BIRD EDUCATION, 99 W. SIERRA MADRE BLVD #79, SIERRA MADRE, CA 91024. Full name of registrant(s) is (are) CHRISTINE HELICH, 99 W. SIERRA MADRE BLVD #79, SIERRA MADRE, CA 91024. This Business is conducted by: AN INDIVIDUAL. Signed: CHRISTINE HELICH, OWNER. This statement was filed with the County Clerk of Los Angeles County on 08/10/2018.
Publish: MBP Mountain Views News
Dates Pub: AUG. 18, 25, SEP 01, 08, 2018
FICTITIOUS BUSINESS NAME STATEMENT
File No. 2018-192565
The following person(s) is (are) doing business as: ALL WE EVERYTHING, ALL GOLD EVERYTHING, 4021 W 154TH ST UNIT D, LAWNDALE, CA 90260. Full name of registrant(s) is (are) MITZI MICHELE EVANS, 4021 W 154TH ST UNIT D, LAWNDALE, CA 90260. This Business is conducted by: AN INDIVIDUAL. Signed: MITZI MICHELE EVANS. This statement was filed with the County Clerk of Los Angeles County on 08/03/2018.
Publish: Mountain Views News
Dates Pub: AUG. 18, 25, SEP 01, 08, 2018
FICTITIOUS BUSINESS NAME STATEMENT
File No. 2018-203147
The following person(s) is (are) doing business as: ANGELS DEMOLITION & HAULING, 1260 FRAZIER ST, BALDWIN PARK, CA 91706. Full name of registrant(s) is (are) ANGEL ANTONIO VASQUEZ, 1260 FRAZIER ST, BALDWIN PARK, CA 91706. This Business is conducted by: AN INDIVIDUAL. Signed: ANGEL ANTONIO VASQUEZ. This statement was filed with the County Clerk of Los Angeles County on 08/10/2018.
Publish: Mountain Views News
Dates Pub: AUG. 18, 25, SEP 01, 08, 2018
FICTITIOUS BUSINESS NAME STATEMENT
File No. 2018-192693
The following person(s) is (are) doing business as: BOUTIQUE GAJMIN, 822 EAST ALOSTA AVENUE, AZUSA, CA 91702. Full name of registrant(s) is (are) ANGELICA BRIDGET ARROYO, 3508 ROAD, ROSEMEAD, CA 91770. This Business is conducted by: AN INDIVIDUAL. Signed: ANGELICA BRIDGET ARROYO. This statement was filed with the County Clerk of Los Angeles County on 08/03/2018.
Publish: Mountain Views News
Dates Pub: AUG. 18, 25, SEP 01, 08, 2018
FICTITIOUS BUSINESS NAME STATEMENT
File No. 2018-198149
The following person(s) is (are) doing business as: TEZA GARCIA, 73 BARMORE CT, GLENDALE, CA 91206. Mailing address: 236 S LOS ANGELES ST, LOS ANGELES, CA 90012. Full name of registrant(s) is (are) JESSICA A GARCIA, 73 BARMORE CT, GLENDALE, CA 91206. This Business is conducted by: AN INDIVIDUAL. Signed: JESSICA A GARCIA. This statement was filed with the County Clerk of Los Angeles County on 08/06/2018.
Publish: Mountain Views News
Dates Pub: AUG. 18, 25, SEP 01, 08, 2018
FICTITIOUS BUSINESS NAME STATEMENT
File No. 2018-198220
The following person(s) is (are) doing business as: CATRON YOUTH ACADEMY, CATRON ACADEMY LEARNING INSTITUTE, 3951 COCO AVE #17, LOS ANGELES, CA 90008. Mailing address: 3536 W CARSON ST, TORRANCE, CA 90504. Full name of registrant(s) is (are) CATERINE M CLARK-PERKINS, 3951 COCO AVE #17, LOS ANGELES, CA 90008. This Business is conducted by: AN INDIVIDUAL. Signed: CATERINE M CLARK-PERKINS.
Publish: Mountain Views News
Dates Pub: AUG. 18, 25, SEP 01, 08, 2018
FICTITIOUS BUSINESS NAME STATEMENT
File No. 2018-198258
The following person(s) is (are) doing business as: CLICK IT PHOTO BOOTH, 23151 S 119TH ST, LOS ANGELES, CA 90059. Full name of registrant(s) is (are) VICTOR ROMUALDO, 23151 S 119TH ST, LOS ANGELES, CA 90059; JESSICA SOTO, 23151 S 119TH ST, LOS ANGELES, CA 90059. This Business is conducted by: A MARRIED COUPLE. Signed: VICTOR ROMUALDO. This statement was filed with the County Clerk of Los Angeles County on 08/06/2018.
Publish: Mountain Views News
Dates Pub: AUG. 18, 25, SEP 01, 08, 2018
FICTITIOUS BUSINESS NAME STATEMENT
File No. 2018-199049
The following person(s) is (are) doing business as: MONTEBELLO RESIDENTIAL PROFESSIONAL LENDERS GROUP, 1491 N. MONTEBELLO BLVD SUITE B, MONTEBELLO, CA 90640. Mailing address: 1491 N MONTEBELLO BLVD SUITE 103, MONTEBELLO, CA 90640. Full name of registrant(s) is (are) ANTONIO FLORES TREJO, 1491 N MONTEBELLO BLVD, MONTEBELLO, CA 90640. This Business is conducted by: AN INDIVIDUAL. Signed: ANTONIO FLORES TREJO.
Publish: Mountain Views News
Dates Pub: AUG. 18, 25, SEP 01, 08, 2018
FICTITIOUS BUSINESS NAME STATEMENT
File No. 2018-198252
The following person(s) is (are) doing business as: STANFORD JOY, 4441 STANFORD AVE, LOS ANGELES, CA 90011. Full name of registrant(s) is (are) GUILLERMO HERNANDEZ, 4441 STANFORD AVE, LOS ANGELES, CA 90011. This Business is conducted by: AN INDIVIDUAL. Signed: GUILLERMO HERNANDEZ. This statement was filed with the County Clerk of Los Angeles County on 08/06/2018.
Publish: Mountain Views News
Dates Pub: AUG. 18, 25, SEP 01, 08, 2018
Mountain Views News 80 W Sierra Madre Blvd. No. 327 Sierra Madre, Ca. 91024 Office: 626.355.2737 Fax: 626.609.3285 Email: editor@mtnviewsnews.com Website: www.mtnviewsnews.com
